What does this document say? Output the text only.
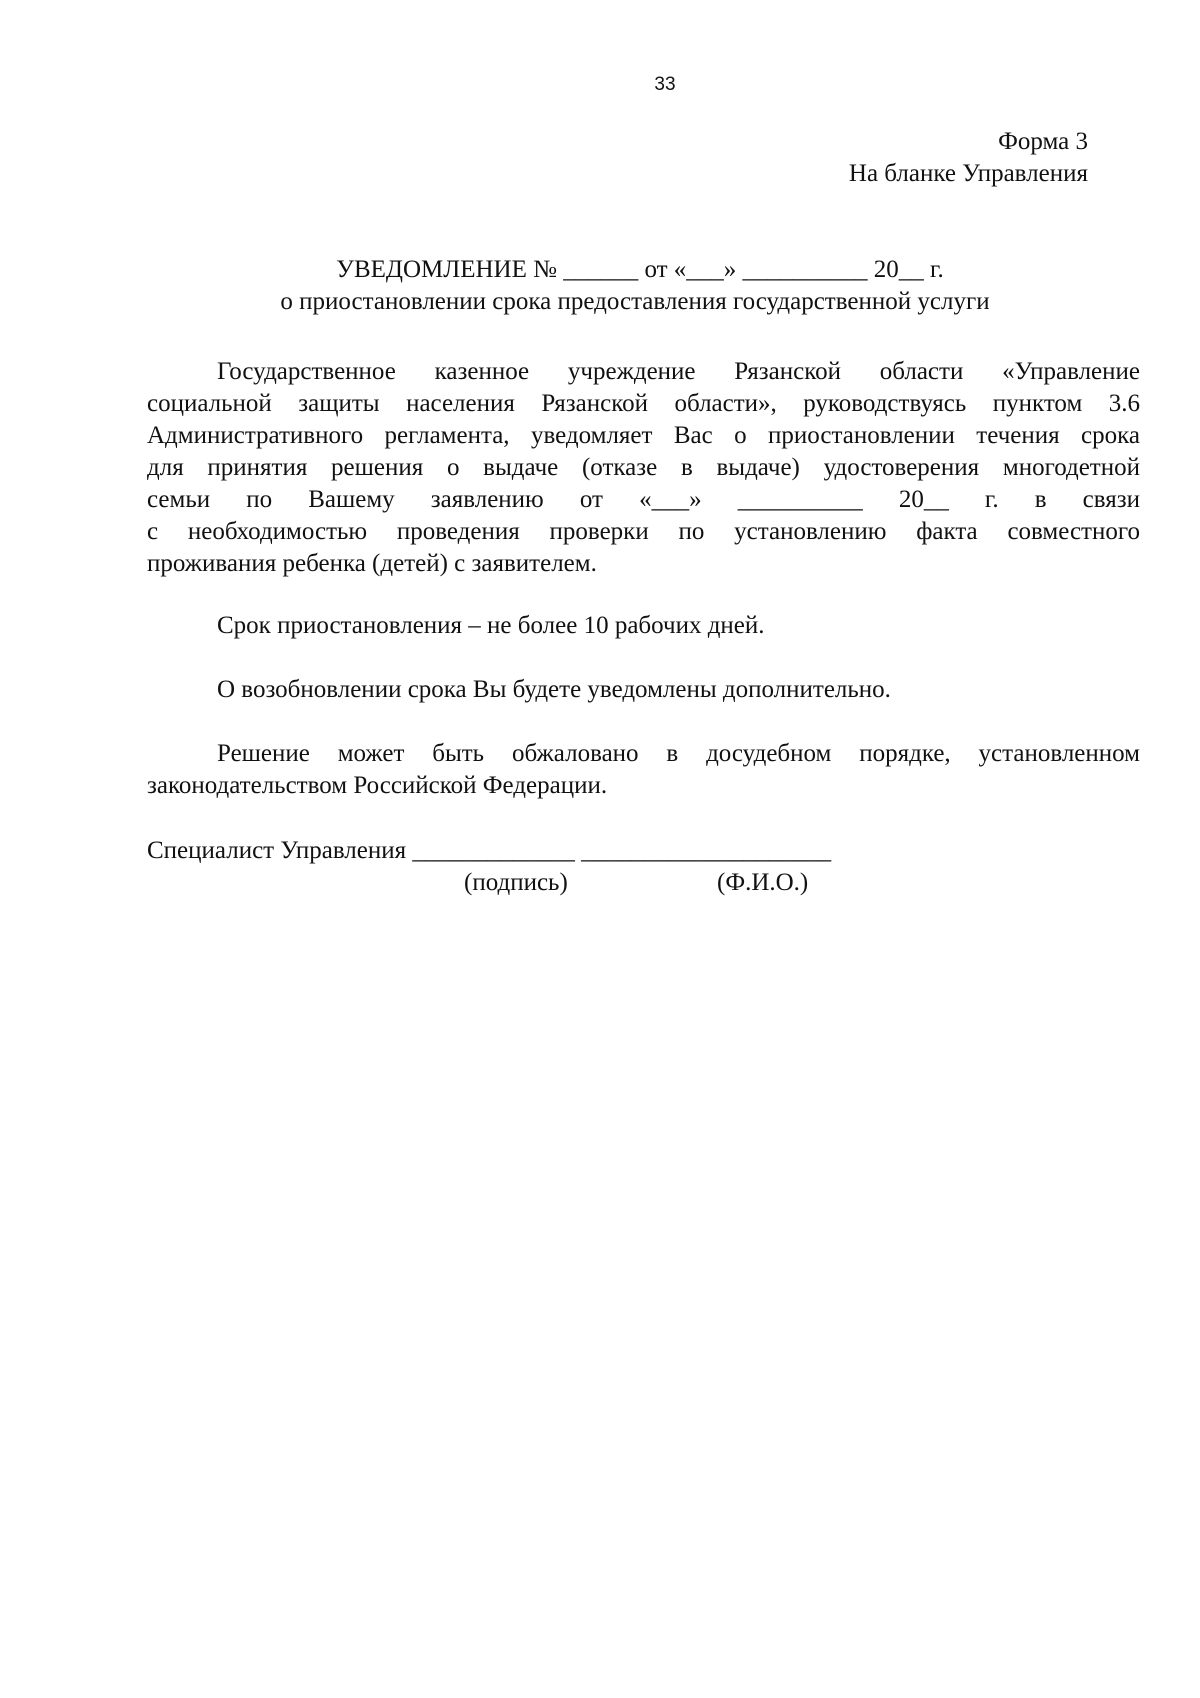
33
Форма 3
На бланке Управления
УВЕДОМЛЕНИЕ № ______ от «___» __________ 20__ г.
о приостановлении срока предоставления государственной услуги

Государственное казенное учреждение Рязанской области «Управление
социальной защиты населения Рязанской области», руководствуясь пунктом 3.6
Административного регламента, уведомляет Вас о приостановлении течения срока
для принятия решения о выдаче (отказе в выдаче) удостоверения многодетной
семьи по Вашему заявлению от «___» __________ 20__ г. в связи
с необходимостью проведения проверки по установлению факта совместного
проживания ребенка (детей) с заявителем.

Срок приостановления – не более 10 рабочих дней.

О возобновлении срока Вы будете уведомлены дополнительно.

Решение может быть обжаловано в досудебном порядке, установленном
законодательством Российской Федерации.

Специалист Управления _____________ ____________________
(подпись)	(Ф.И.О.)
